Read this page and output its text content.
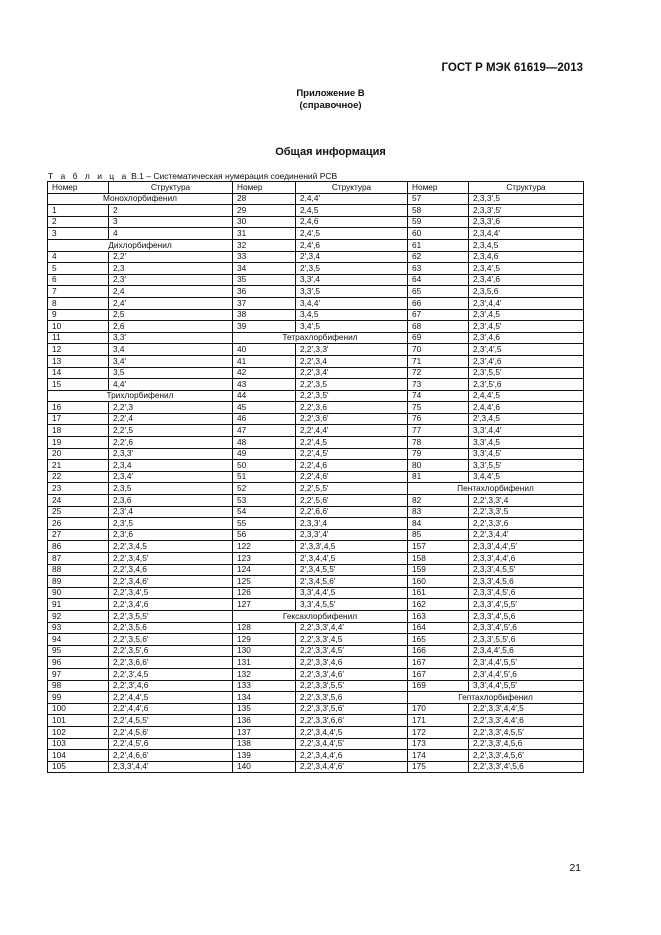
ГОСТ Р МЭК 61619—2013
Приложение В
(справочное)
Общая информация
Т а б л и ц а В.1 – Систематическая нумерация соединений РСВ
Номер	Структура	Номер	Структура	Номер	Структура
Монохлорбифенил		28	2,4,4′	57	2,3,3′,5
1	2	29	2,4,5	58	2,3,3′,5′
2	3	30	2,4,6	59	2,3,3′,6
3	4	31	2,4′,5	60	2,3,4,4′
Дихлорбифенил		32	2,4′,6	61	2,3,4,5
4	2,2′	33	2′,3,4	62	2,3,4,6
5	2,3	34	2′,3,5	63	2,3,4′,5
6	2,3′	35	3,3′,4	64	2,3,4′,6
7	2,4	36	3,3′,5	65	2,3,5,6
8	2,4′	37	3,4,4′	66	2,3′,4,4′
9	2,5	38	3,4,5	67	2,3′,4,5
10	2,6	39	3,4′,5	68	2,3′,4,5′
11	3,3′	Тетрахлорбифенил		69	2,3′,4,6
12	3,4	40	2,2′,3,3′	70	2,3′,4′,5
13	3,4′	41	2,2′,3,4	71	2,3′,4′,6
14	3,5	42	2,2′,3,4′	72	2,3′,5,5′
15	4,4′	43	2,2′,3,5	73	2,3′,5′,6
Трихлорбифенил		44	2,2′,3,5′	74	2,4,4′,5
16	2,2′,3	45	2,2′,3,6	75	2,4,4′,6
17	2,2′,4	46	2,2′,3,6′	76	2′,3,4,5
18	2,2′,5	47	2,2′,4,4′	77	3,3′,4,4′
19	2,2′,6	48	2,2′,4,5	78	3,3′,4,5
20	2,3,3′	49	2,2′,4,5′	79	3,3′,4,5′
21	2,3,4	50	2,2′,4,6	80	3,3′,5,5′
22	2,3,4′	51	2,2′,4,6′	81	3,4,4′,5
23	2,3,5	52	2,2′,5,5′	Пентахлорбифенил	
24	2,3,6	53	2,2′,5,6′	82	2,2′,3,3′,4
25	2,3′,4	54	2,2′,6,6′	83	2,2′,3,3′,5
26	2,3′,5	55	2,3,3′,4	84	2,2′,3,3′,6
27	2,3′,6	56	2,3,3′,4′	85	2,2′,3,4,4′
86	2,2′,3,4,5	122	2′,3,3′,4,5	157	2,3,3′,4,4′,5′
87	2,2′,3,4,5′	123	2′,3,4,4′,5	158	2,3,3′,4,4′,6
88	2,2′,3,4,6	124	2′,3,4,5,5′	159	2,3,3′,4,5,5′
89	2,2′,3,4,6′	125	2′,3,4,5,6′	160	2,3,3′,4,5,6
90	2,2′,3,4′,5	126	3,3′,4,4′,5	161	2,3,3′,4,5′,6
91	2,2′,3,4′,6	127	3,3′,4,5,5′	162	2,3,3′,4′,5,5′
92	2,2′,3,5,5′	Гексахлорбифенил		163	2,3,3′,4′,5,6
93	2,2′,3,5,6	128	2,2′,3,3′,4,4′	164	2,3,3′,4′,5′,6
94	2,2′,3,5,6′	129	2,2′,3,3′,4,5	165	2,3,3′,5,5′,6
95	2,2′,3,5′,6	130	2,2′,3,3′,4,5′	166	2,3,4,4′,5,6
96	2,2′,3,6,6′	131	2,2′,3,3′,4,6	167	2,3′,4,4′,5,5′
97	2,2′,3′,4,5	132	2,2′,3,3′,4,6′	167	2,3′,4,4′,5′,6
98	2,2′,3′,4,6	133	2,2′,3,3′,5,5′	169	3,3′,4,4′,5,5′
99	2,2′,4,4′,5	134	2,2′,3,3′,5,6	Гептахлорбифенил	
100	2,2′,4,4′,6	135	2,2′,3,3′,5,6′	170	2,2′,3,3′,4,4′,5
101	2,2′,4,5,5′	136	2,2′,3,3′,6,6′	171	2,2′,3,3′,4,4′,6
102	2,2′,4,5,6′	137	2,2′,3,4,4′,5	172	2,2′,3,3′,4,5,5′
103	2,2′,4,5′,6	138	2,2′,3,4,4′,5′	173	2,2′,3,3′,4,5,6
104	2,2′,4,6,6′	139	2,2′,3,4,4′,6	174	2,2′,3,3′,4,5,6′
105	2,3,3′,4,4′	140	2,2′,3,4,4′,6′	175	2,2′,3,3′,4′,5,6
21
